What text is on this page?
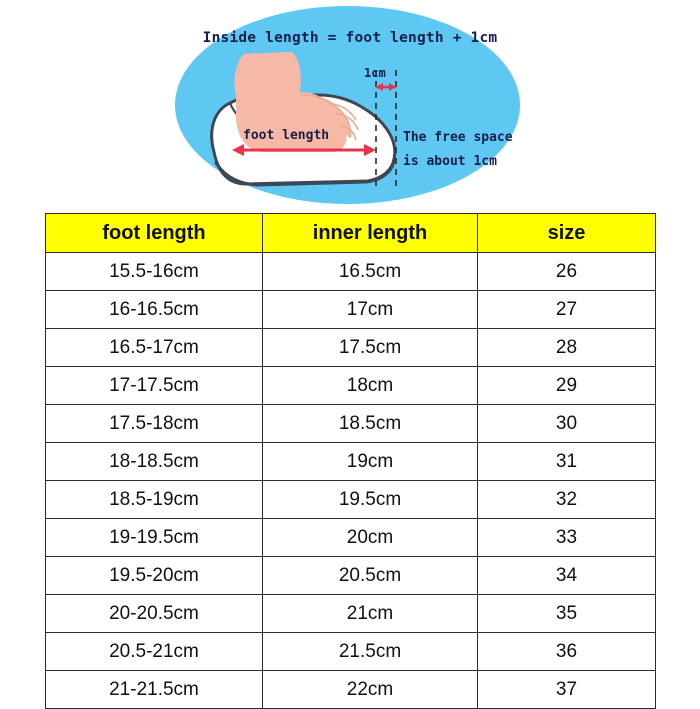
Inside length = foot length + 1cm
1cm
foot length	The free space
is about 1cm
foot length	inner length	size
15.5-16cm	16.5cm	26
16-16.5cm	17cm	27
16.5-17cm	17.5cm	28
17-17.5cm	18cm	29
17.5-18cm	18.5cm	30
18-18.5cm	19cm	31
18.5-19cm	19.5cm	32
19-19.5cm	20cm	33
19.5-20cm	20.5cm	34
20-20.5cm	21cm	35
20.5-21cm	21.5cm	36
21-21.5cm	22cm	37
